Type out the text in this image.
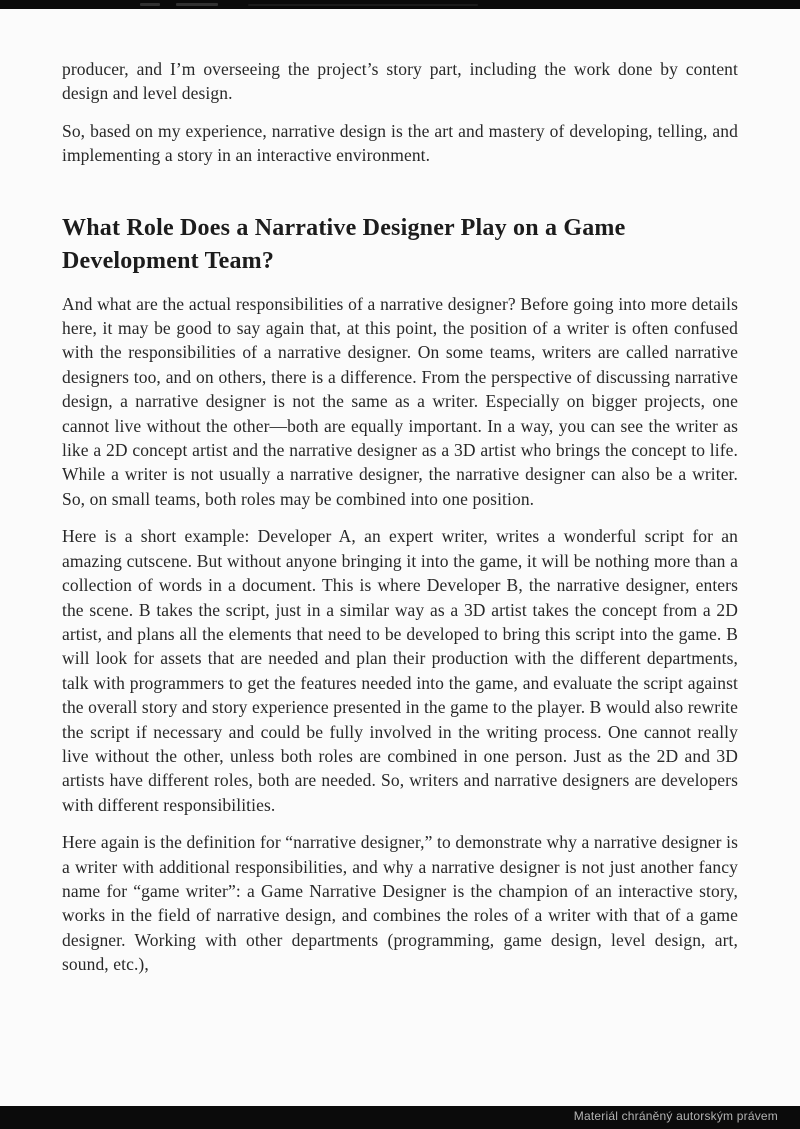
producer, and I’m overseeing the project’s story part, including the work done by content design and level design.

So, based on my experience, narrative design is the art and mastery of developing, telling, and implementing a story in an interactive environment.

What Role Does a Narrative Designer Play on a Game Development Team?

And what are the actual responsibilities of a narrative designer? Before going into more details here, it may be good to say again that, at this point, the position of a writer is often confused with the responsibilities of a narrative designer. On some teams, writers are called narrative designers too, and on others, there is a difference. From the perspective of discussing narrative design, a narrative designer is not the same as a writer. Especially on bigger projects, one cannot live without the other—both are equally important. In a way, you can see the writer as like a 2D concept artist and the narrative designer as a 3D artist who brings the concept to life. While a writer is not usually a narrative designer, the narrative designer can also be a writer. So, on small teams, both roles may be combined into one position.

Here is a short example: Developer A, an expert writer, writes a wonderful script for an amazing cutscene. But without anyone bringing it into the game, it will be nothing more than a collection of words in a document. This is where Developer B, the narrative designer, enters the scene. B takes the script, just in a similar way as a 3D artist takes the concept from a 2D artist, and plans all the elements that need to be developed to bring this script into the game. B will look for assets that are needed and plan their production with the different departments, talk with programmers to get the features needed into the game, and evaluate the script against the overall story and story experience presented in the game to the player. B would also rewrite the script if necessary and could be fully involved in the writing process. One cannot really live without the other, unless both roles are combined in one person. Just as the 2D and 3D artists have different roles, both are needed. So, writers and narrative designers are developers with different responsibilities.

Here again is the definition for “narrative designer,” to demonstrate why a narrative designer is a writer with additional responsibilities, and why a narrative designer is not just another fancy name for “game writer”: a Game Narrative Designer is the champion of an interactive story, works in the field of narrative design, and combines the roles of a writer with that of a game designer. Working with other departments (programming, game design, level design, art, sound, etc.),

Materiál chráněný autorským právem
